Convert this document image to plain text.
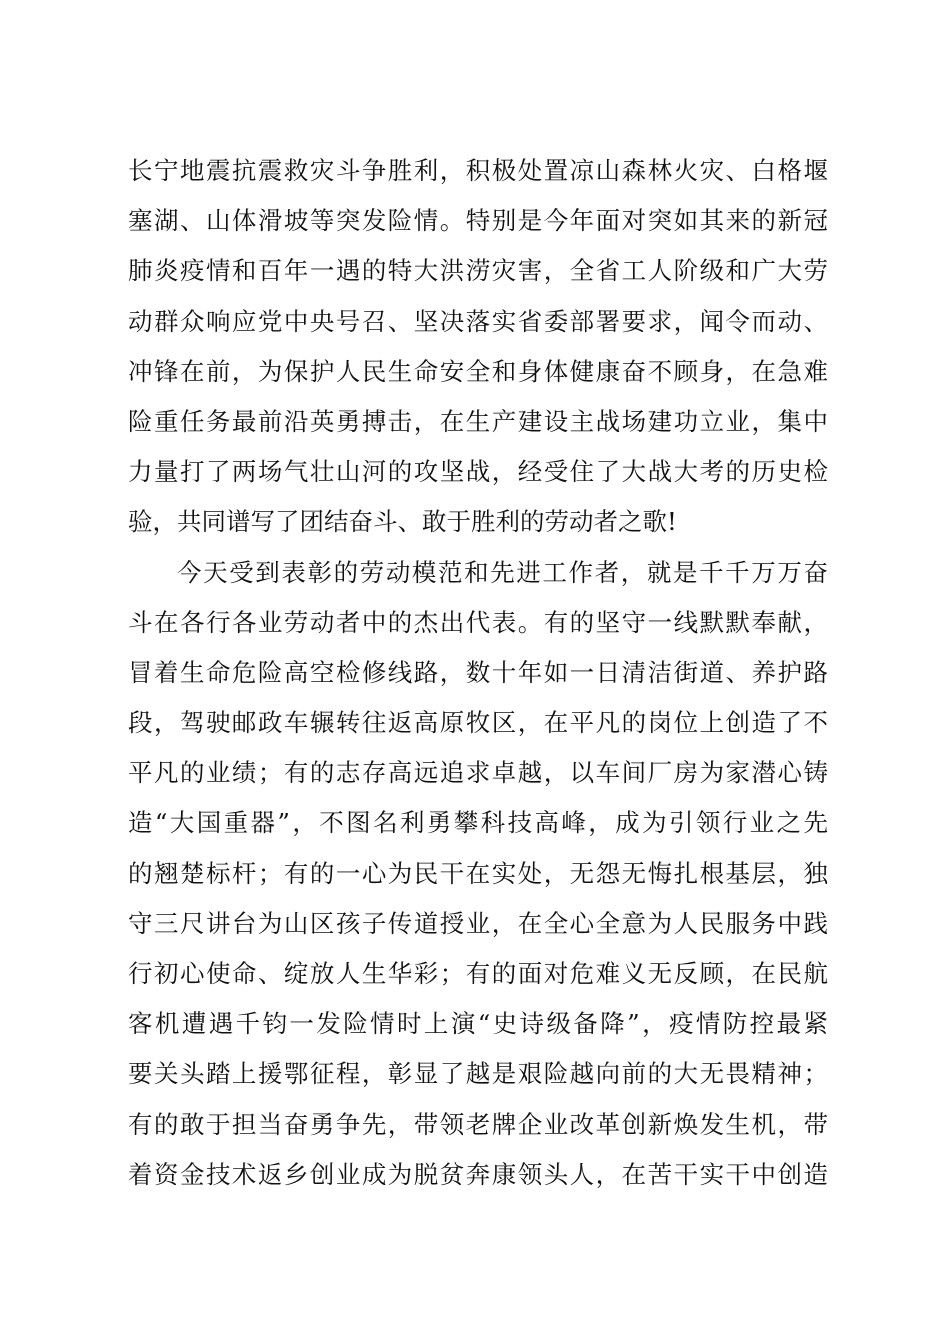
长宁地震抗震救灾斗争胜利，积极处置凉山森林火灾、白格堰
塞湖、山体滑坡等突发险情。特别是今年面对突如其来的新冠
肺炎疫情和百年一遇的特大洪涝灾害，全省工人阶级和广大劳
动群众响应党中央号召、坚决落实省委部署要求，闻令而动、
冲锋在前，为保护人民生命安全和身体健康奋不顾身，在急难
险重任务最前沿英勇搏击，在生产建设主战场建功立业，集中
力量打了两场气壮山河的攻坚战，经受住了大战大考的历史检
验，共同谱写了团结奋斗、敢于胜利的劳动者之歌!
今天受到表彰的劳动模范和先进工作者，就是千千万万奋
斗在各行各业劳动者中的杰出代表。有的坚守一线默默奉献，
冒着生命危险高空检修线路，数十年如一日清洁街道、养护路
段，驾驶邮政车辗转往返高原牧区，在平凡的岗位上创造了不
平凡的业绩；有的志存高远追求卓越，以车间厂房为家潜心铸
造“大国重器”，不图名利勇攀科技高峰，成为引领行业之先
的翘楚标杆；有的一心为民干在实处，无怨无悔扎根基层，独
守三尺讲台为山区孩子传道授业，在全心全意为人民服务中践
行初心使命、绽放人生华彩；有的面对危难义无反顾，在民航
客机遭遇千钧一发险情时上演“史诗级备降”，疫情防控最紧
要关头踏上援鄂征程，彰显了越是艰险越向前的大无畏精神；
有的敢于担当奋勇争先，带领老牌企业改革创新焕发生机，带
着资金技术返乡创业成为脱贫奔康领头人，在苦干实干中创造
